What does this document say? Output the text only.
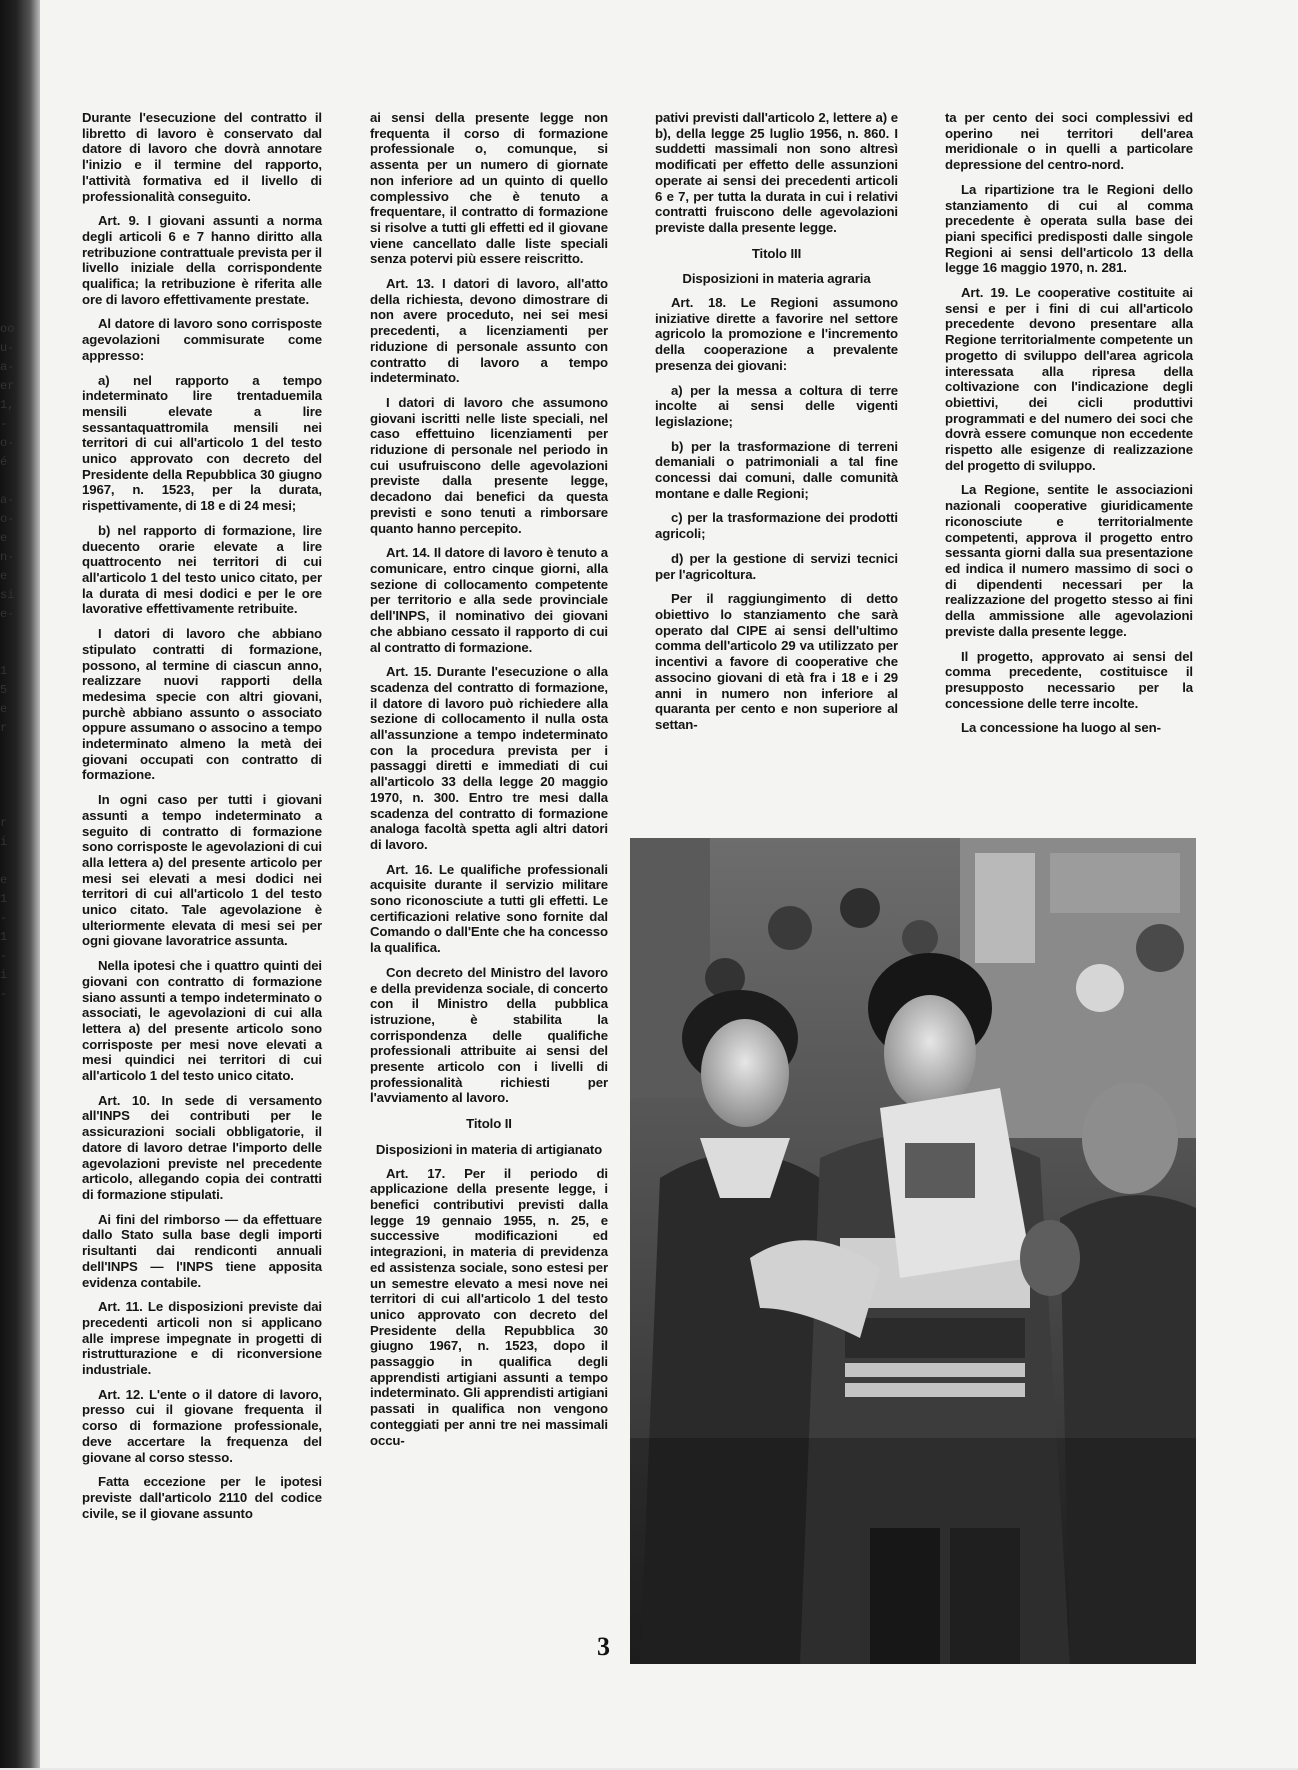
oo
u-
a-
er
1,
-
o-
é

a-
o-
e
n-
e
si
e-

1
5
e
r

r
i

e
1
-
1
-
i
-

Durante l'esecuzione del contratto il libretto di lavoro è conservato dal datore di lavoro che dovrà annotare l'inizio e il termine del rapporto, l'attività formativa ed il livello di professionalità conseguito.

Art. 9. I giovani assunti a norma degli articoli 6 e 7 hanno diritto alla retribuzione contrattuale prevista per il livello iniziale della corrispondente qualifica; la retribuzione è riferita alle ore di lavoro effettivamente prestate.

Al datore di lavoro sono corrisposte agevolazioni commisurate come appresso:

a) nel rapporto a tempo indeterminato lire trentaduemila mensili elevate a lire sessantaquattromila mensili nei territori di cui all'articolo 1 del testo unico approvato con decreto del Presidente della Repubblica 30 giugno 1967, n. 1523, per la durata, rispettivamente, di 18 e di 24 mesi;

b) nel rapporto di formazione, lire duecento orarie elevate a lire quattrocento nei territori di cui all'articolo 1 del testo unico citato, per la durata di mesi dodici e per le ore lavorative effettivamente retribuite.

I datori di lavoro che abbiano stipulato contratti di formazione, possono, al termine di ciascun anno, realizzare nuovi rapporti della medesima specie con altri giovani, purchè abbiano assunto o associato oppure assumano o associno a tempo indeterminato almeno la metà dei giovani occupati con contratto di formazione.

In ogni caso per tutti i giovani assunti a tempo indeterminato a seguito di contratto di formazione sono corrisposte le agevolazioni di cui alla lettera a) del presente articolo per mesi sei elevati a mesi dodici nei territori di cui all'articolo 1 del testo unico citato. Tale agevolazione è ulteriormente elevata di mesi sei per ogni giovane lavoratrice assunta.

Nella ipotesi che i quattro quinti dei giovani con contratto di formazione siano assunti a tempo indeterminato o associati, le agevolazioni di cui alla lettera a) del presente articolo sono corrisposte per mesi nove elevati a mesi quindici nei territori di cui all'articolo 1 del testo unico citato.

Art. 10. In sede di versamento all'INPS dei contributi per le assicurazioni sociali obbligatorie, il datore di lavoro detrae l'importo delle agevolazioni previste nel precedente articolo, allegando copia dei contratti di formazione stipulati.

Ai fini del rimborso — da effettuare dallo Stato sulla base degli importi risultanti dai rendiconti annuali dell'INPS — l'INPS tiene apposita evidenza contabile.

Art. 11. Le disposizioni previste dai precedenti articoli non si applicano alle imprese impegnate in progetti di ristrutturazione e di riconversione industriale.

Art. 12. L'ente o il datore di lavoro, presso cui il giovane frequenta il corso di formazione professionale, deve accertare la frequenza del giovane al corso stesso.

Fatta eccezione per le ipotesi previste dall'articolo 2110 del codice civile, se il giovane assunto

ai sensi della presente legge non frequenta il corso di formazione professionale o, comunque, si assenta per un numero di giornate non inferiore ad un quinto di quello complessivo che è tenuto a frequentare, il contratto di formazione si risolve a tutti gli effetti ed il giovane viene cancellato dalle liste speciali senza potervi più essere reiscritto.

Art. 13. I datori di lavoro, all'atto della richiesta, devono dimostrare di non avere proceduto, nei sei mesi precedenti, a licenziamenti per riduzione di personale assunto con contratto di lavoro a tempo indeterminato.

I datori di lavoro che assumono giovani iscritti nelle liste speciali, nel caso effettuino licenziamenti per riduzione di personale nel periodo in cui usufruiscono delle agevolazioni previste dalla presente legge, decadono dai benefici da questa previsti e sono tenuti a rimborsare quanto hanno percepito.

Art. 14. Il datore di lavoro è tenuto a comunicare, entro cinque giorni, alla sezione di collocamento competente per territorio e alla sede provinciale dell'INPS, il nominativo dei giovani che abbiano cessato il rapporto di cui al contratto di formazione.

Art. 15. Durante l'esecuzione o alla scadenza del contratto di formazione, il datore di lavoro può richiedere alla sezione di collocamento il nulla osta all'assunzione a tempo indeterminato con la procedura prevista per i passaggi diretti e immediati di cui all'articolo 33 della legge 20 maggio 1970, n. 300. Entro tre mesi dalla scadenza del contratto di formazione analoga facoltà spetta agli altri datori di lavoro.

Art. 16. Le qualifiche professionali acquisite durante il servizio militare sono riconosciute a tutti gli effetti. Le certificazioni relative sono fornite dal Comando o dall'Ente che ha concesso la qualifica.

Con decreto del Ministro del lavoro e della previdenza sociale, di concerto con il Ministro della pubblica istruzione, è stabilita la corrispondenza delle qualifiche professionali attribuite ai sensi del presente articolo con i livelli di professionalità richiesti per l'avviamento al lavoro.

Titolo II

Disposizioni in materia di artigianato

Art. 17. Per il periodo di applicazione della presente legge, i benefici contributivi previsti dalla legge 19 gennaio 1955, n. 25, e successive modificazioni ed integrazioni, in materia di previdenza ed assistenza sociale, sono estesi per un semestre elevato a mesi nove nei territori di cui all'articolo 1 del testo unico approvato con decreto del Presidente della Repubblica 30 giugno 1967, n. 1523, dopo il passaggio in qualifica degli apprendisti artigiani assunti a tempo indeterminato. Gli apprendisti artigiani passati in qualifica non vengono conteggiati per anni tre nei massimali occu-

pativi previsti dall'articolo 2, lettere a) e b), della legge 25 luglio 1956, n. 860. I suddetti massimali non sono altresì modificati per effetto delle assunzioni operate ai sensi dei precedenti articoli 6 e 7, per tutta la durata in cui i relativi contratti fruiscono delle agevolazioni previste dalla presente legge.

Titolo III

Disposizioni in materia agraria

Art. 18. Le Regioni assumono iniziative dirette a favorire nel settore agricolo la promozione e l'incremento della cooperazione a prevalente presenza dei giovani:

a) per la messa a coltura di terre incolte ai sensi delle vigenti legislazione;

b) per la trasformazione di terreni demaniali o patrimoniali a tal fine concessi dai comuni, dalle comunità montane e dalle Regioni;

c) per la trasformazione dei prodotti agricoli;

d) per la gestione di servizi tecnici per l'agricoltura.

Per il raggiungimento di detto obiettivo lo stanziamento che sarà operato dal CIPE ai sensi dell'ultimo comma dell'articolo 29 va utilizzato per incentivi a favore di cooperative che associno giovani di età fra i 18 e i 29 anni in numero non inferiore al quaranta per cento e non superiore al settan-

ta per cento dei soci complessivi ed operino nei territori dell'area meridionale o in quelli a particolare depressione del centro-nord.

La ripartizione tra le Regioni dello stanziamento di cui al comma precedente è operata sulla base dei piani specifici predisposti dalle singole Regioni ai sensi dell'articolo 13 della legge 16 maggio 1970, n. 281.

Art. 19. Le cooperative costituite ai sensi e per i fini di cui all'articolo precedente devono presentare alla Regione territorialmente competente un progetto di sviluppo dell'area agricola interessata alla ripresa della coltivazione con l'indicazione degli obiettivi, dei cicli produttivi programmati e del numero dei soci che dovrà essere comunque non eccedente rispetto alle esigenze di realizzazione del progetto di sviluppo.

La Regione, sentite le associazioni nazionali cooperative giuridicamente riconosciute e territorialmente competenti, approva il progetto entro sessanta giorni dalla sua presentazione ed indica il numero massimo di soci o di dipendenti necessari per la realizzazione del progetto stesso ai fini della ammissione alle agevolazioni previste dalla presente legge.

Il progetto, approvato ai sensi del comma precedente, costituisce il presupposto necessario per la concessione delle terre incolte.

La concessione ha luogo al sen-

3
